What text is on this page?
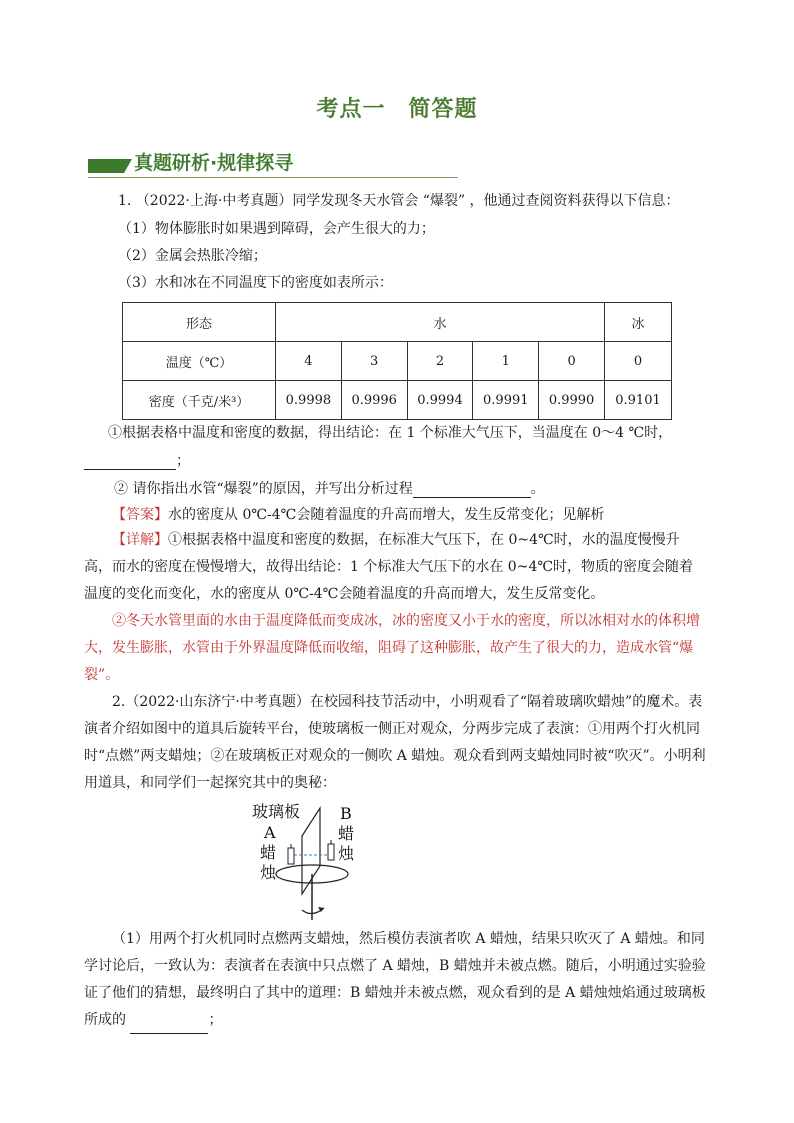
考点一　简答题
真题研析·规律探寻
1. （2022·上海·中考真题）同学发现冬天水管会 “爆裂” ，他通过查阅资料获得以下信息：
（1）物体膨胀时如果遇到障碍，会产生很大的力；
（2）金属会热胀冷缩；
（3）水和冰在不同温度下的密度如表所示：
形态	水					冰
温度（℃）	4	3	2	1	0	0
密度（千克/米³）	0.9998	0.9996	0.9994	0.9991	0.9990	0.9101
①根据表格中温度和密度的数据，得出结论：在 1 个标准大气压下，当温度在 0～4 ℃时，
；
② 请你指出水管“爆裂”的原因，并写出分析过程	。
【答案】水的密度从 0℃-4℃会随着温度的升高而增大，发生反常变化；见解析
【详解】①根据表格中温度和密度的数据，在标准大气压下，在 0~4℃时，水的温度慢慢升高，而水的密度在慢慢增大，故得出结论：1 个标准大气压下的水在 0~4℃时，物质的密度会随着温度的变化而变化，水的密度从 0℃-4℃会随着温度的升高而增大，发生反常变化。
②冬天水管里面的水由于温度降低而变成冰，冰的密度又小于水的密度，所以冰相对水的体积增大，发生膨胀，水管由于外界温度降低而收缩，阻碍了这种膨胀，故产生了很大的力，造成水管“爆裂”。
2.（2022·山东济宁·中考真题）在校园科技节活动中，小明观看了“隔着玻璃吹蜡烛”的魔术。表演者介绍如图中的道具后旋转平台，使玻璃板一侧正对观众，分两步完成了表演：①用两个打火机同时“点燃”两支蜡烛；②在玻璃板正对观众的一侧吹 A 蜡烛。观众看到两支蜡烛同时被“吹灭”。小明利用道具，和同学们一起探究其中的奥秘：
玻璃板
A
蜡
烛
B
蜡
烛
（1）用两个打火机同时点燃两支蜡烛，然后模仿表演者吹 A 蜡烛，结果只吹灭了 A 蜡烛。和同学讨论后，一致认为：表演者在表演中只点燃了 A 蜡烛，B 蜡烛并未被点燃。随后，小明通过实验验证了他们的猜想，最终明白了其中的道理：B 蜡烛并未被点燃，观众看到的是 A 蜡烛烛焰通过玻璃板所成的	；
